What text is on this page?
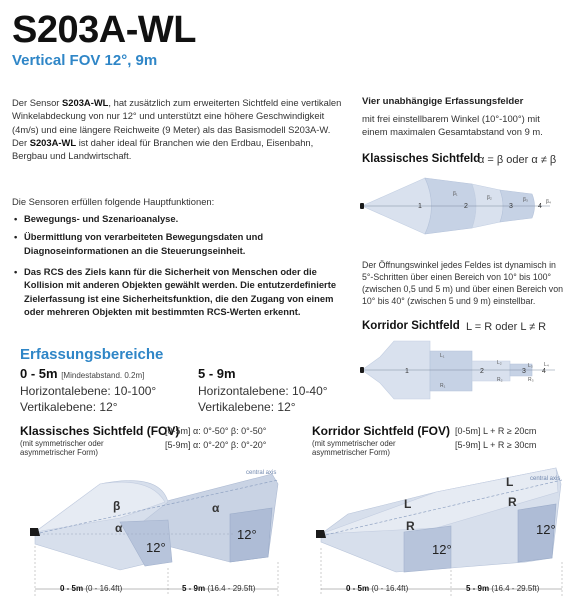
S203A-WL
Vertical FOV 12°, 9m
Der Sensor S203A-WL, hat zusätzlich zum erweiterten Sichtfeld eine vertikalen Winkelabdeckung von nur 12° und unterstützt eine höhere Geschwindigkeit (4m/s) und eine längere Reichweite (9 Meter) als das Basismodell S203A-W.
Der S203A-WL ist daher ideal für Branchen wie den Erdbau, Eisenbahn, Bergbau und Landwirtschaft.
Die Sensoren erfüllen folgende Hauptfunktionen:
• Bewegungs- und Szenarioanalyse.
• Übermittlung von verarbeiteten Bewegungsdaten und Diagnoseinformationen an die Steuerungseinheit.
• Das RCS des Ziels kann für die Sicherheit von Menschen oder die Kollision mit anderen Objekten gewählt werden. Die entutzerdefinierte Zielerfassung ist eine Sicherheitsfunktion, die den Zugang von einem oder mehreren Objekten mit bestimmten RCS-Werten erkennt.
Vier unabhängige Erfassungsfelder
mit frei einstellbarem Winkel (10°-100°) mit einem maximalen Gesamtabstand von 9 m.
Klassisches Sichtfeld
α = β oder α ≠ β
1
β₁
2
β₂
3
β₃
4
β₄
Der Öffnungswinkel jedes Feldes ist dynamisch in 5°-Schritten über einen Bereich von 10° bis 100° (zwischen 0,5 und 5 m) und über einen Bereich von 10° bis 40° (zwischen 5 und 9 m) einstellbar.
Korridor Sichtfeld L = R oder L ≠ R
1
L₁
R₁
2
L₂
R₂
3
L₃
R₃
4
L₄
Erfassungsbereiche
0 - 5m [Mindestabstand. 0.2m]
Horizontalebene: 10-100°
Vertikalebene: 12°
5 - 9m
Horizontalebene: 10-40°
Vertikalebene: 12°
Klassisches Sichtfeld (FOV)
(mit symmetrischer oder asymmetrischer Form)
[0-5m] α: 0°-50° β: 0°-50°
[5-9m] α: 0°-20° β: 0°-20°
Korridor Sichtfeld (FOV)
(mit symmetrischer oder asymmetrischer Form)
[0-5m] L + R ≥ 20cm
[5-9m] L + R ≥ 30cm
β
α
α
12°
12°
central axis
0 - 5m (0 - 16.4ft)	5 - 9m (16.4 - 29.5ft)
L
R
L
R
12°
12°
central axis
0 - 5m (0 - 16.4ft)	5 - 9m (16.4 - 29.5ft)
